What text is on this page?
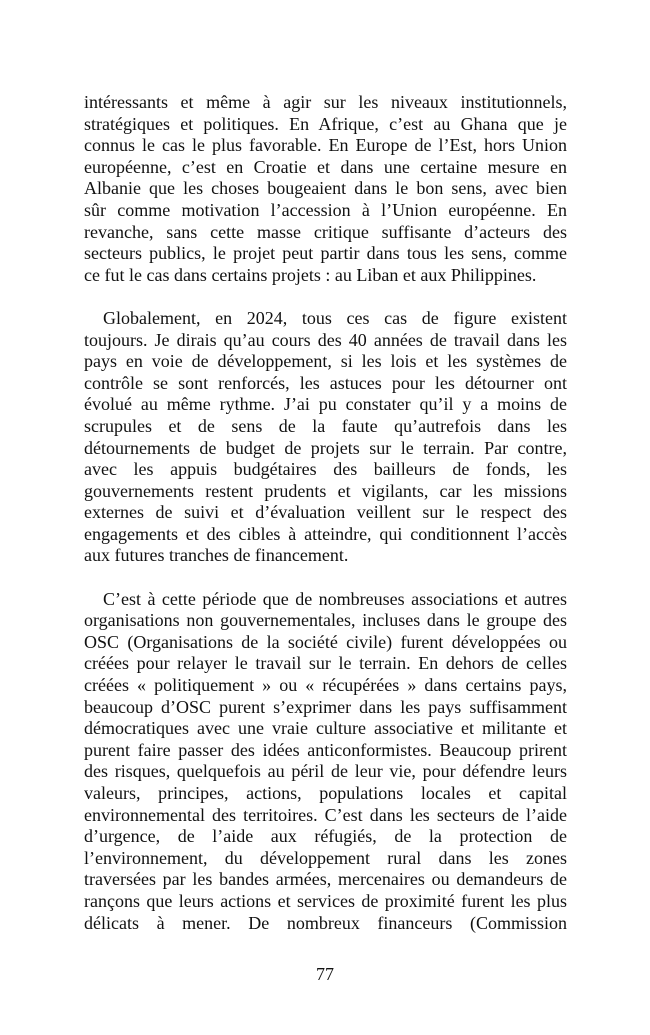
intéressants et même à agir sur les niveaux institutionnels,
stratégiques et politiques. En Afrique, c’est au Ghana que je
connus le cas le plus favorable. En Europe de l’Est, hors Union
européenne, c’est en Croatie et dans une certaine mesure en
Albanie que les choses bougeaient dans le bon sens, avec bien
sûr comme motivation l’accession à l’Union européenne. En
revanche, sans cette masse critique suffisante d’acteurs des
secteurs publics, le projet peut partir dans tous les sens, comme
ce fut le cas dans certains projets : au Liban et aux Philippines.
Globalement, en 2024, tous ces cas de figure existent
toujours. Je dirais qu’au cours des 40 années de travail dans les
pays en voie de développement, si les lois et les systèmes de
contrôle se sont renforcés, les astuces pour les détourner ont
évolué au même rythme. J’ai pu constater qu’il y a moins de
scrupules et de sens de la faute qu’autrefois dans les
détournements de budget de projets sur le terrain. Par contre,
avec les appuis budgétaires des bailleurs de fonds, les
gouvernements restent prudents et vigilants, car les missions
externes de suivi et d’évaluation veillent sur le respect des
engagements et des cibles à atteindre, qui conditionnent l’accès
aux futures tranches de financement.
C’est à cette période que de nombreuses associations et autres
organisations non gouvernementales, incluses dans le groupe des
OSC (Organisations de la société civile) furent développées ou
créées pour relayer le travail sur le terrain. En dehors de celles
créées « politiquement » ou « récupérées » dans certains pays,
beaucoup d’OSC purent s’exprimer dans les pays suffisamment
démocratiques avec une vraie culture associative et militante et
purent faire passer des idées anticonformistes. Beaucoup prirent
des risques, quelquefois au péril de leur vie, pour défendre leurs
valeurs, principes, actions, populations locales et capital
environnemental des territoires. C’est dans les secteurs de l’aide
d’urgence, de l’aide aux réfugiés, de la protection de
l’environnement, du développement rural dans les zones
traversées par les bandes armées, mercenaires ou demandeurs de
rançons que leurs actions et services de proximité furent les plus
délicats à mener. De nombreux financeurs (Commission
77
